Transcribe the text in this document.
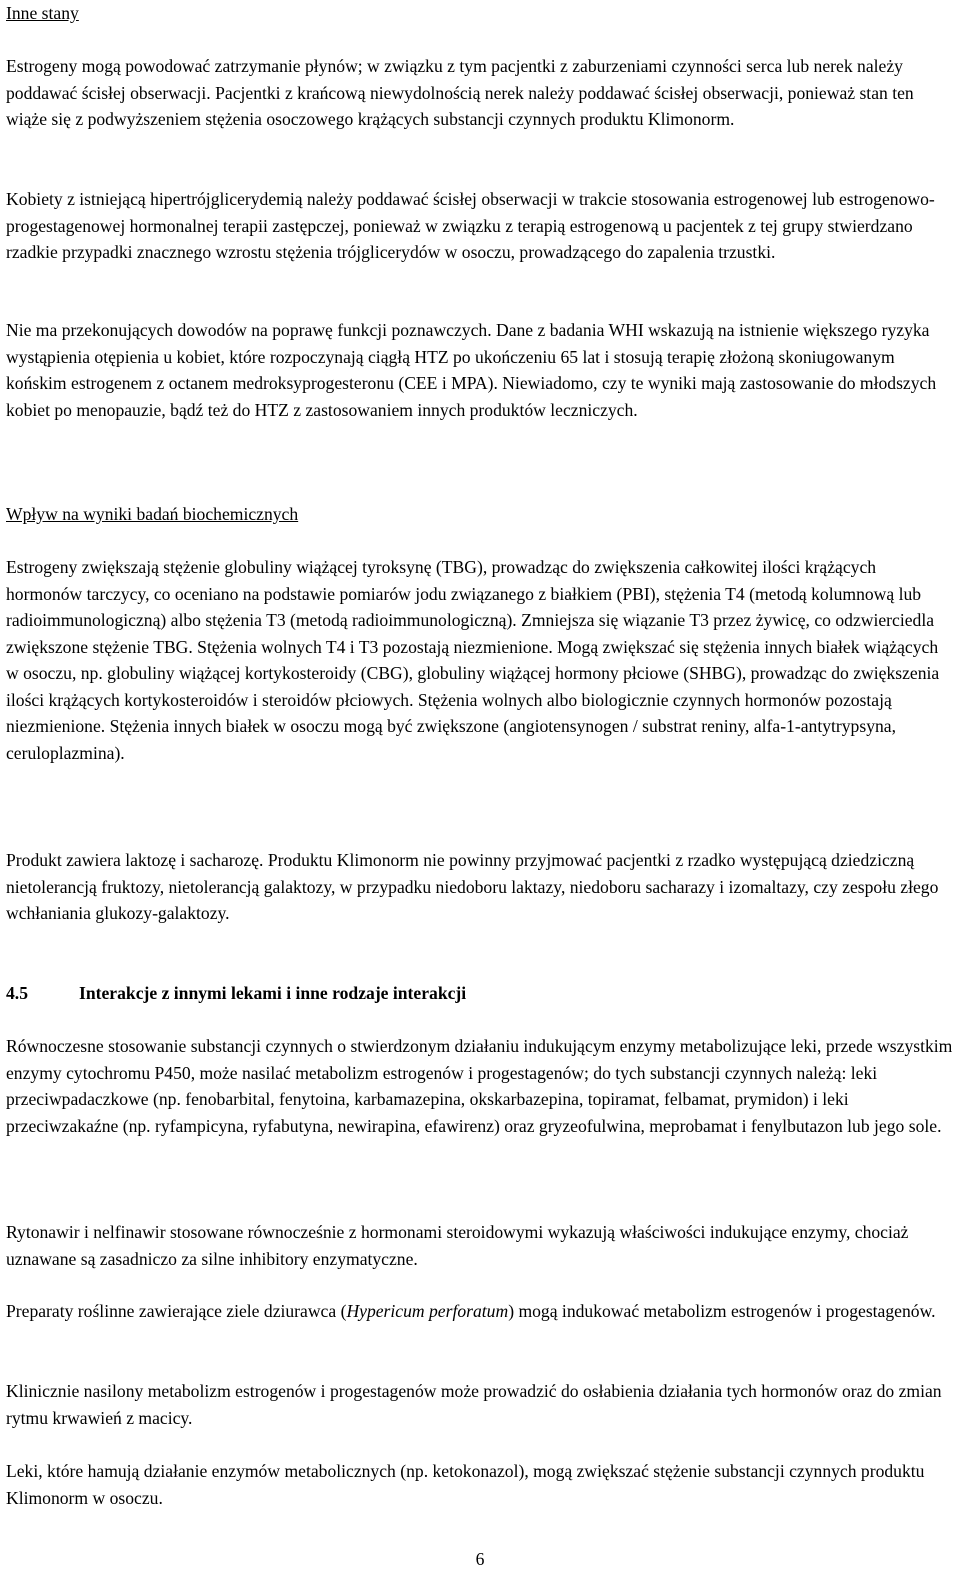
Inne stany

Estrogeny mogą powodować zatrzymanie płynów; w związku z tym pacjentki z zaburzeniami czynności serca lub nerek należy poddawać ścisłej obserwacji. Pacjentki z krańcową niewydolnością nerek należy poddawać ścisłej obserwacji, ponieważ stan ten wiąże się z podwyższeniem stężenia osoczowego krążących substancji czynnych produktu Klimonorm.

Kobiety z istniejącą hipertrójglicerydemią należy poddawać ścisłej obserwacji w trakcie stosowania estrogenowej lub estrogenowo-progestagenowej hormonalnej terapii zastępczej, ponieważ w związku z terapią estrogenową u pacjentek z tej grupy stwierdzano rzadkie przypadki znacznego wzrostu stężenia trójglicerydów w osoczu, prowadzącego do zapalenia trzustki.

Nie ma przekonujących dowodów na poprawę funkcji poznawczych. Dane z badania WHI wskazują na istnienie większego ryzyka wystąpienia otępienia u kobiet, które rozpoczynają ciągłą HTZ po ukończeniu 65 lat i stosują terapię złożoną skoniugowanym końskim estrogenem z octanem medroksyprogesteronu (CEE i MPA). Niewiadomo, czy te wyniki mają zastosowanie do młodszych kobiet po menopauzie, bądź też do HTZ z zastosowaniem innych produktów leczniczych.

Wpływ na wyniki badań biochemicznych

Estrogeny zwiększają stężenie globuliny wiążącej tyroksynę (TBG), prowadząc do zwiększenia całkowitej ilości krążących hormonów tarczycy, co oceniano na podstawie pomiarów jodu związanego z białkiem (PBI), stężenia T4 (metodą kolumnową lub radioimmunologiczną) albo stężenia T3 (metodą radioimmunologiczną). Zmniejsza się wiązanie T3 przez żywicę, co odzwierciedla zwiększone stężenie TBG. Stężenia wolnych T4 i T3 pozostają niezmienione. Mogą zwiększać się stężenia innych białek wiążących w osoczu, np. globuliny wiążącej kortykosteroidy (CBG), globuliny wiążącej hormony płciowe (SHBG), prowadząc do zwiększenia ilości krążących kortykosteroidów i steroidów płciowych. Stężenia wolnych albo biologicznie czynnych hormonów pozostają niezmienione. Stężenia innych białek w osoczu mogą być zwiększone (angiotensynogen / substrat reniny, alfa-1-antytrypsyna, ceruloplazmina).

Produkt zawiera laktozę i sacharozę. Produktu Klimonorm nie powinny przyjmować pacjentki z rzadko występującą dziedziczną nietolerancją fruktozy, nietolerancją galaktozy, w przypadku niedoboru laktazy, niedoboru sacharazy i izomaltazy, czy zespołu złego wchłaniania glukozy-galaktozy.

4.5	Interakcje z innymi lekami i inne rodzaje interakcji

Równoczesne stosowanie substancji czynnych o stwierdzonym działaniu indukującym enzymy metabolizujące leki, przede wszystkim enzymy cytochromu P450, może nasilać metabolizm estrogenów i progestagenów; do tych substancji czynnych należą: leki przeciwpadaczkowe (np. fenobarbital, fenytoina, karbamazepina, okskarbazepina, topiramat, felbamat, prymidon) i leki przeciwzakaźne (np. ryfampicyna, ryfabutyna, newirapina, efawirenz) oraz gryzeofulwina, meprobamat i fenylbutazon lub jego sole.

Rytonawir i nelfinawir stosowane równocześnie z hormonami steroidowymi wykazują właściwości indukujące enzymy, chociaż uznawane są zasadniczo za silne inhibitory enzymatyczne.

Preparaty roślinne zawierające ziele dziurawca (Hypericum perforatum) mogą indukować metabolizm estrogenów i progestagenów.

Klinicznie nasilony metabolizm estrogenów i progestagenów może prowadzić do osłabienia działania tych hormonów oraz do zmian rytmu krwawień z macicy.

Leki, które hamują działanie enzymów metabolicznych (np. ketokonazol), mogą zwiększać stężenie substancji czynnych produktu Klimonorm w osoczu.

6
